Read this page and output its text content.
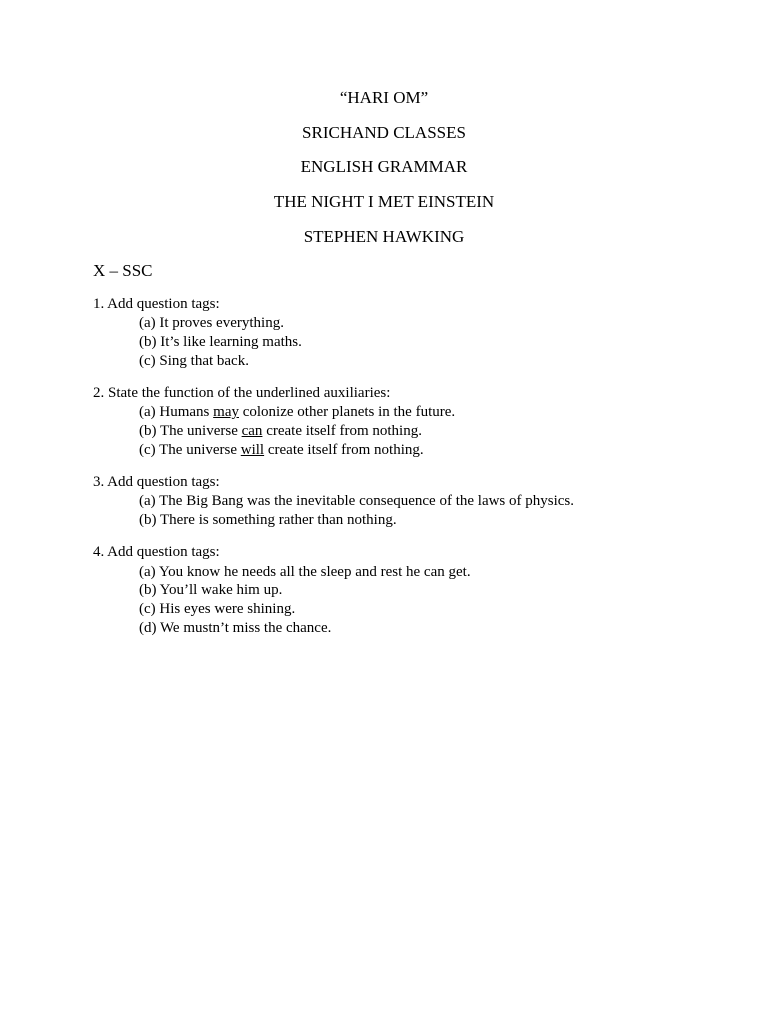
“HARI OM”
SRICHAND CLASSES
ENGLISH GRAMMAR
THE NIGHT I MET EINSTEIN
STEPHEN HAWKING
X – SSC
1. Add question tags:
(a) It proves everything.
(b) It’s like learning maths.
(c) Sing that back.
2. State the function of the underlined auxiliaries:
(a) Humans may colonize other planets in the future.
(b) The universe can create itself from nothing.
(c) The universe will create itself from nothing.
3. Add question tags:
(a) The Big Bang was the inevitable consequence of the laws of physics.
(b) There is something rather than nothing.
4. Add question tags:
(a) You know he needs all the sleep and rest he can get.
(b) You’ll wake him up.
(c) His eyes were shining.
(d) We mustn’t miss the chance.
